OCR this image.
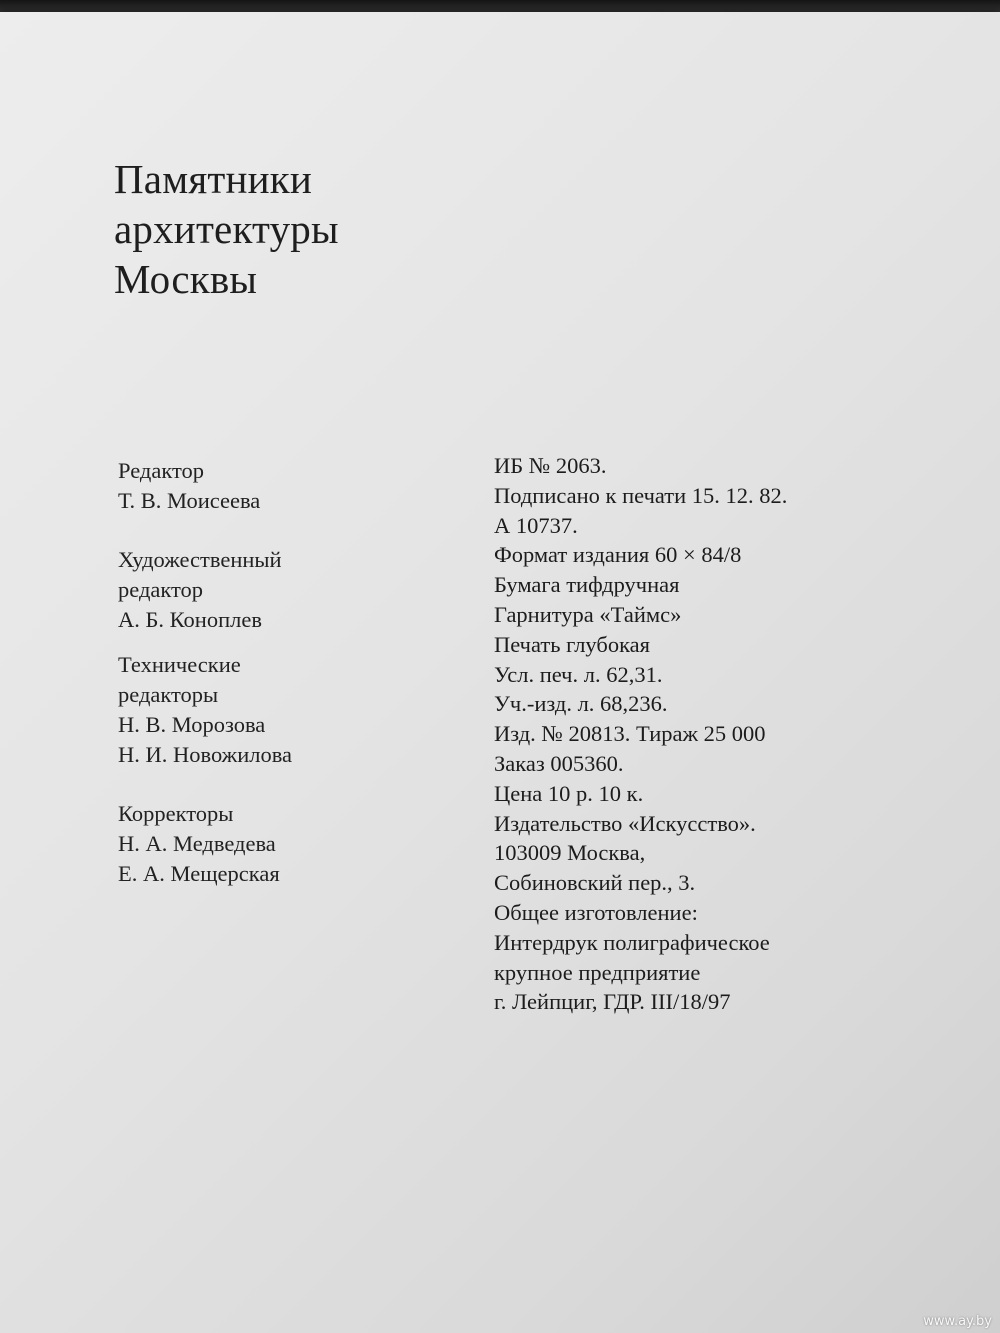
Памятники
архитектуры
Москвы
Редактор
Т. В. Моисеева
Художественный
редактор
А. Б. Коноплев
Технические
редакторы
Н. В. Морозова
Н. И. Новожилова
Корректоры
Н. А. Медведева
Е. А. Мещерская
ИБ № 2063.
Подписано к печати 15. 12. 82.
А 10737.
Формат издания 60 × 84/8
Бумага тифдручная
Гарнитура «Таймс»
Печать глубокая
Усл. печ. л. 62,31.
Уч.-изд. л. 68,236.
Изд. № 20813. Тираж 25 000
Заказ 005360.
Цена 10 р. 10 к.
Издательство «Искусство».
103009 Москва,
Собиновский пер., 3.
Общее изготовление:
Интердрук полиграфическое
крупное предприятие
г. Лейпциг, ГДР. III/18/97
www.ay.by
